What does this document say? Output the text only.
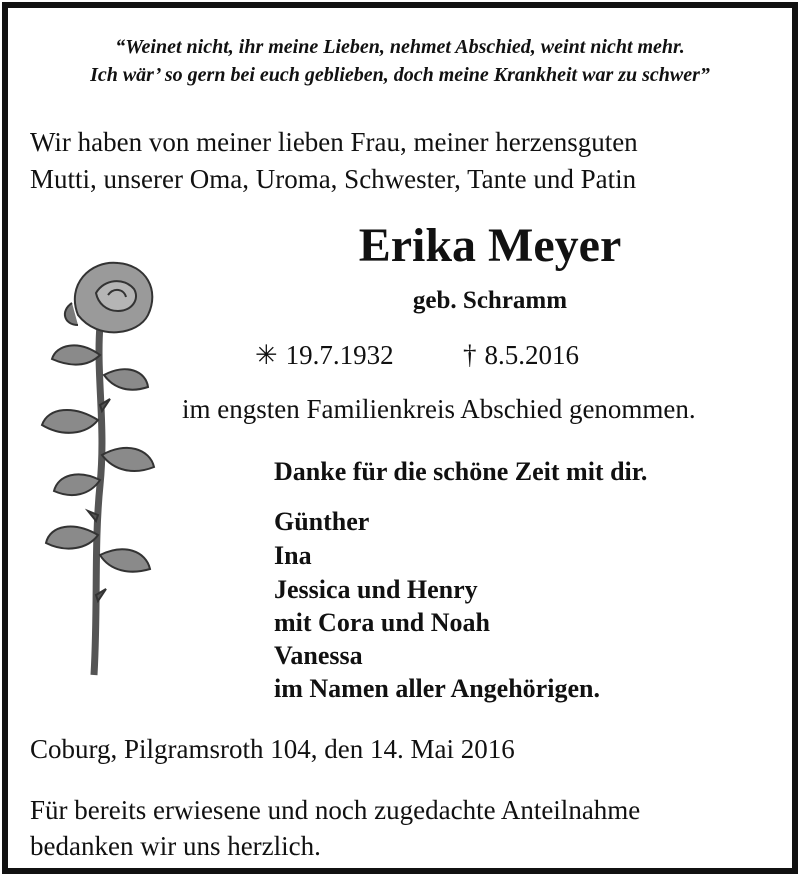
“Weinet nicht, ihr meine Lieben, nehmet Abschied, weint nicht mehr.
Ich wär’ so gern bei euch geblieben, doch meine Krankheit war zu schwer”
Wir haben von meiner lieben Frau, meiner herzensguten
Mutti, unserer Oma, Uroma, Schwester, Tante und Patin
Erika Meyer
geb. Schramm
✳ 19.7.1932	† 8.5.2016
im engsten Familienkreis Abschied genommen.
Danke für die schöne Zeit mit dir.
Günther
Ina
Jessica und Henry
mit Cora und Noah
Vanessa
im Namen aller Angehörigen.
Coburg, Pilgramsroth 104, den 14. Mai 2016
Für bereits erwiesene und noch zugedachte Anteilnahme
bedanken wir uns herzlich.
